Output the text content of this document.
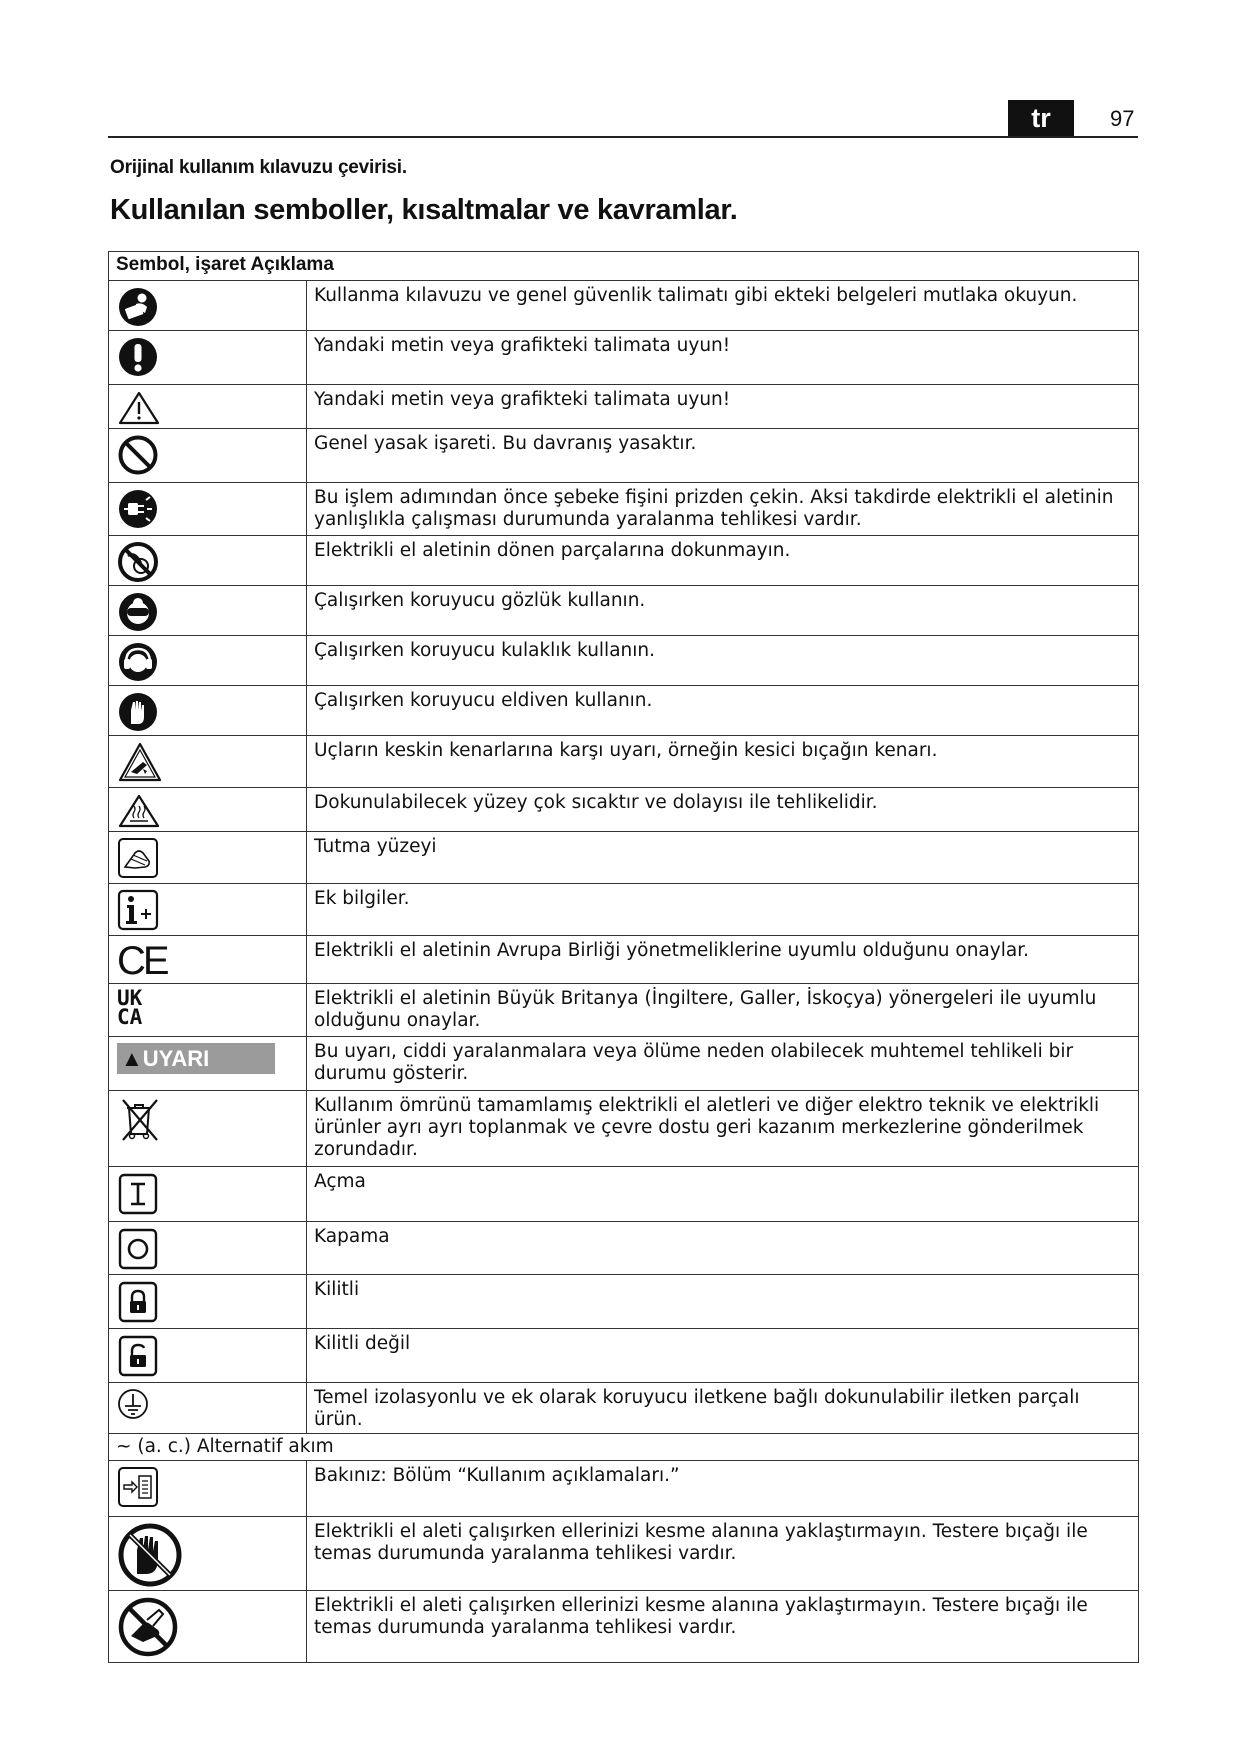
tr	97
Orijinal kullanım kılavuzu çevirisi.
Kullanılan semboller, kısaltmalar ve kavramlar.
Sembol, işaret Açıklama	

	Kullanma kılavuzu ve genel güvenlik talimatı gibi ekteki belgeleri mutlaka okuyun.

	Yandaki metin veya grafikteki talimata uyun!

	Yandaki metin veya grafikteki talimata uyun!

	Genel yasak işareti. Bu davranış yasaktır.

	Bu işlem adımından önce şebeke fişini prizden çekin. Aksi takdirde elektrikli el aletinin yanlışlıkla çalışması durumunda yaralanma tehlikesi vardır.

	Elektrikli el aletinin dönen parçalarına dokunmayın.

	Çalışırken koruyucu gözlük kullanın.

	Çalışırken koruyucu kulaklık kullanın.

	Çalışırken koruyucu eldiven kullanın.

	Uçların keskin kenarlarına karşı uyarı, örneğin kesici bıçağın kenarı.

	Dokunulabilecek yüzey çok sıcaktır ve dolayısı ile tehlikelidir.

	Tutma yüzeyi

	Ek bilgiler.

CE	Elektrikli el aletinin Avrupa Birliği yönetmeliklerine uyumlu olduğunu onaylar.

UK
CA	Elektrikli el aletinin Büyük Britanya (İngiltere, Galler, İskoçya) yönergeleri ile uyumlu olduğunu onaylar.
▲UYARI	Bu uyarı, ciddi yaralanmalara veya ölüme neden olabilecek muhtemel tehlikeli bir durumu gösterir.

	Kullanım ömrünü tamamlamış elektrikli el aletleri ve diğer elektro teknik ve elektrikli ürünler ayrı ayrı toplanmak ve çevre dostu geri kazanım merkezlerine gönderilmek zorundadır.

	Açma

	Kapama

	Kilitli

	Kilitli değil

	Temel izolasyonlu ve ek olarak koruyucu iletkene bağlı dokunulabilir iletken parçalı ürün.
~ (a. c.) Alternatif akım	

	Bakınız: Bölüm “Kullanım açıklamaları.”

	Elektrikli el aleti çalışırken ellerinizi kesme alanına yaklaştırmayın. Testere bıçağı ile temas durumunda yaralanma tehlikesi vardır.

	Elektrikli el aleti çalışırken ellerinizi kesme alanına yaklaştırmayın. Testere bıçağı ile temas durumunda yaralanma tehlikesi vardır.
